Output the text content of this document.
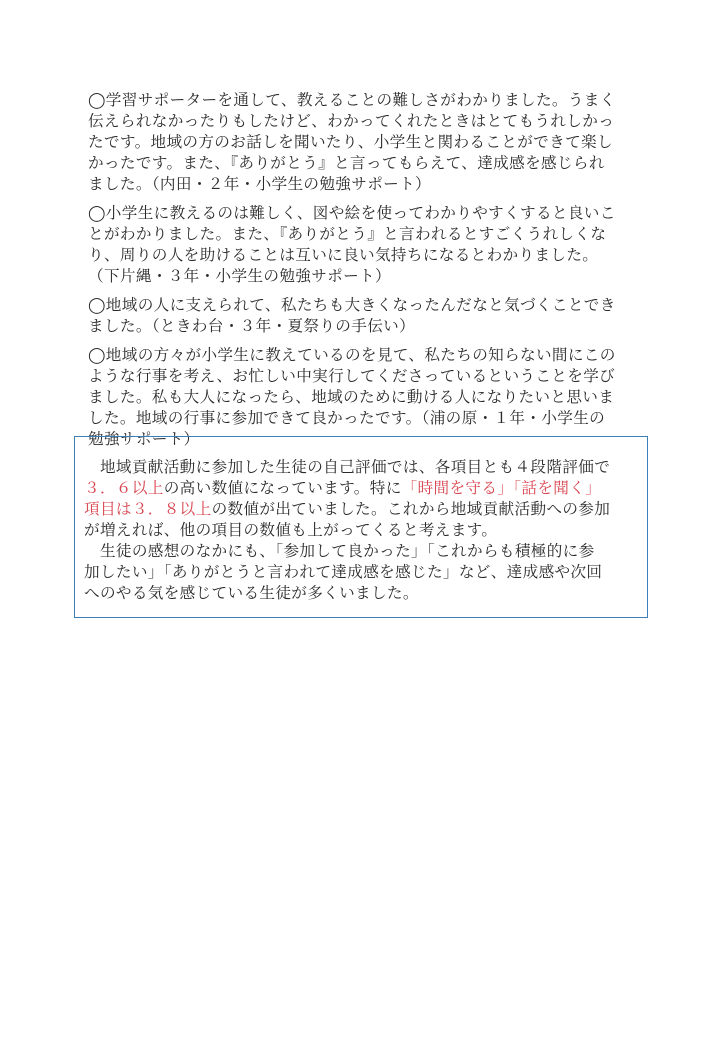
◯学習サポーターを通して、教えることの難しさがわかりました。うまく
伝えられなかったりもしたけど、わかってくれたときはとてもうれしかっ
たです。地域の方のお話しを聞いたり、小学生と関わることができて楽し
かったです。また、『ありがとう』と言ってもらえて、達成感を感じられ
ました。（内田・２年・小学生の勉強サポート）

◯小学生に教えるのは難しく、図や絵を使ってわかりやすくすると良いこ
とがわかりました。また、『ありがとう』と言われるとすごくうれしくな
り、周りの人を助けることは互いに良い気持ちになるとわかりました。
（下片縄・３年・小学生の勉強サポート）

◯地域の人に支えられて、私たちも大きくなったんだなと気づくことでき
ました。（ときわ台・３年・夏祭りの手伝い）

◯地域の方々が小学生に教えているのを見て、私たちの知らない間にこの
ような行事を考え、お忙しい中実行してくださっているということを学び
ました。私も大人になったら、地域のために動ける人になりたいと思いま
した。地域の行事に参加できて良かったです。（浦の原・１年・小学生の
勉強サポート）

　地域貢献活動に参加した生徒の自己評価では、各項目とも４段階評価で
３．６以上の高い数値になっています。特に「時間を守る」「話を聞く」
項目は３．８以上の数値が出ていました。これから地域貢献活動への参加
が増えれば、他の項目の数値も上がってくると考えます。

　生徒の感想のなかにも、「参加して良かった」「これからも積極的に参
加したい」「ありがとうと言われて達成感を感じた」など、達成感や次回
へのやる気を感じている生徒が多くいました。
